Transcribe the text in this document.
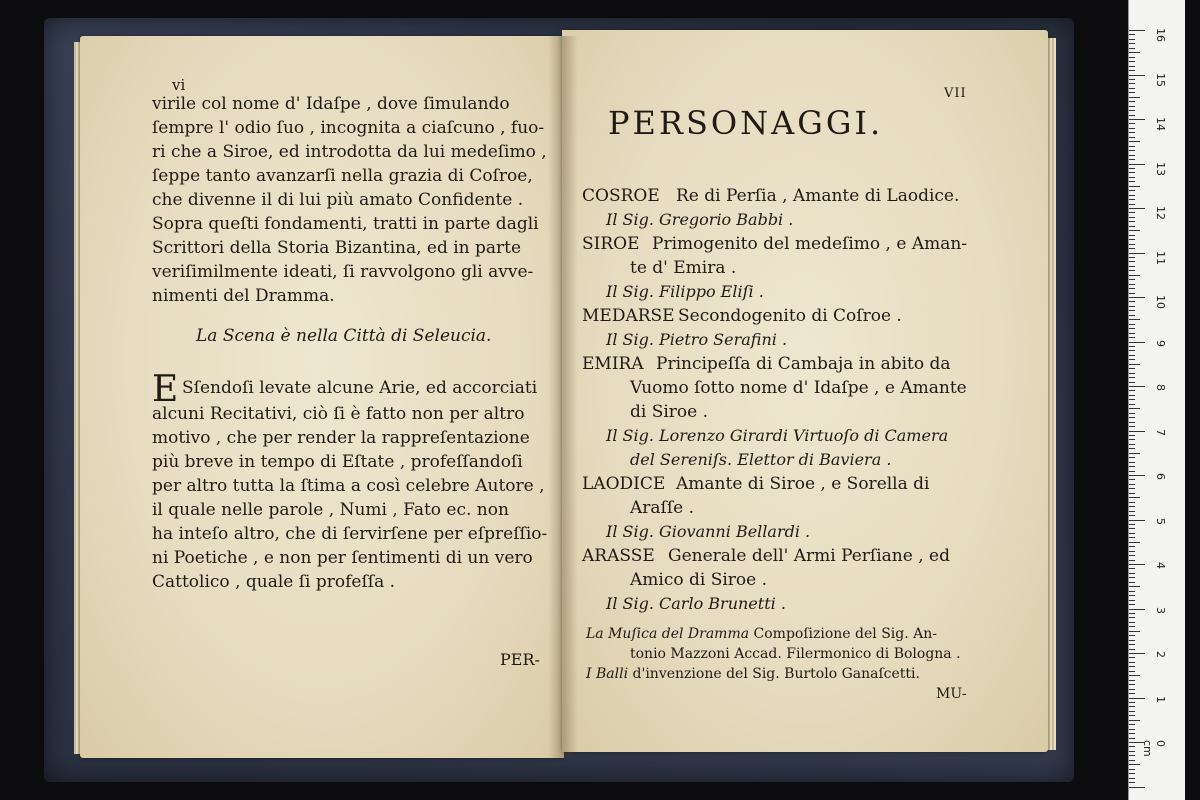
vi
virile col nome d' Idaſpe , dove ſimulando
ſempre l' odio ſuo , incognita a ciaſcuno , fuo-
ri che a Siroe, ed introdotta da lui medeſimo ,
ſeppe tanto avanzarſi nella grazia di Coſroe,
che divenne il di lui più amato Confidente .
Sopra queſti fondamenti, tratti in parte dagli
Scrittori della Storia Bizantina, ed in parte
veriſimilmente ideati, ſi ravvolgono gli avve-
nimenti del Dramma.
La Scena è nella Città di Seleucia.
E Sſendoſi levate alcune Arie, ed accorciati
alcuni Recitativi, ciò ſi è fatto non per altro
motivo , che per render la rappreſentazione
più breve in tempo di Eſtate , profeſſandoſi
per altro tutta la ſtima a così celebre Autore ,
il quale nelle parole , Numi , Fato ec. non
ha inteſo altro, che di ſervirſene per eſpreſſio-
ni Poetiche , e non per ſentimenti di un vero
Cattolico , quale ſi profeſſa .
PER-
VII
PERSONAGGI.
COSROE Re di Perſia , Amante di Laodice.
Il Sig. Gregorio Babbi .
SIROE Primogenito del medeſimo , e Aman-
te d' Emira .
Il Sig. Filippo Eliſi .
MEDARSE Secondogenito di Coſroe .
Il Sig. Pietro Serafini .
EMIRA Principeſſa di Cambaja in abito da
Vuomo ſotto nome d' Idaſpe , e Amante
di Siroe .
Il Sig. Lorenzo Girardi Virtuoſo di Camera
del Sereniſs. Elettor di Baviera .
LAODICE Amante di Siroe , e Sorella di
Araſſe .
Il Sig. Giovanni Bellardi .
ARASSE Generale dell' Armi Perſiane , ed
Amico di Siroe .
Il Sig. Carlo Brunetti .
La Muſica del Dramma Compoſizione del Sig. An-
tonio Mazzoni Accad. Filermonico di Bologna .
I Balli d'invenzione del Sig. Burtolo Ganaſcetti.
MU-
16
15
14
13
12
11
10
9
8
7
6
5
4
3
2
1
0 cm
